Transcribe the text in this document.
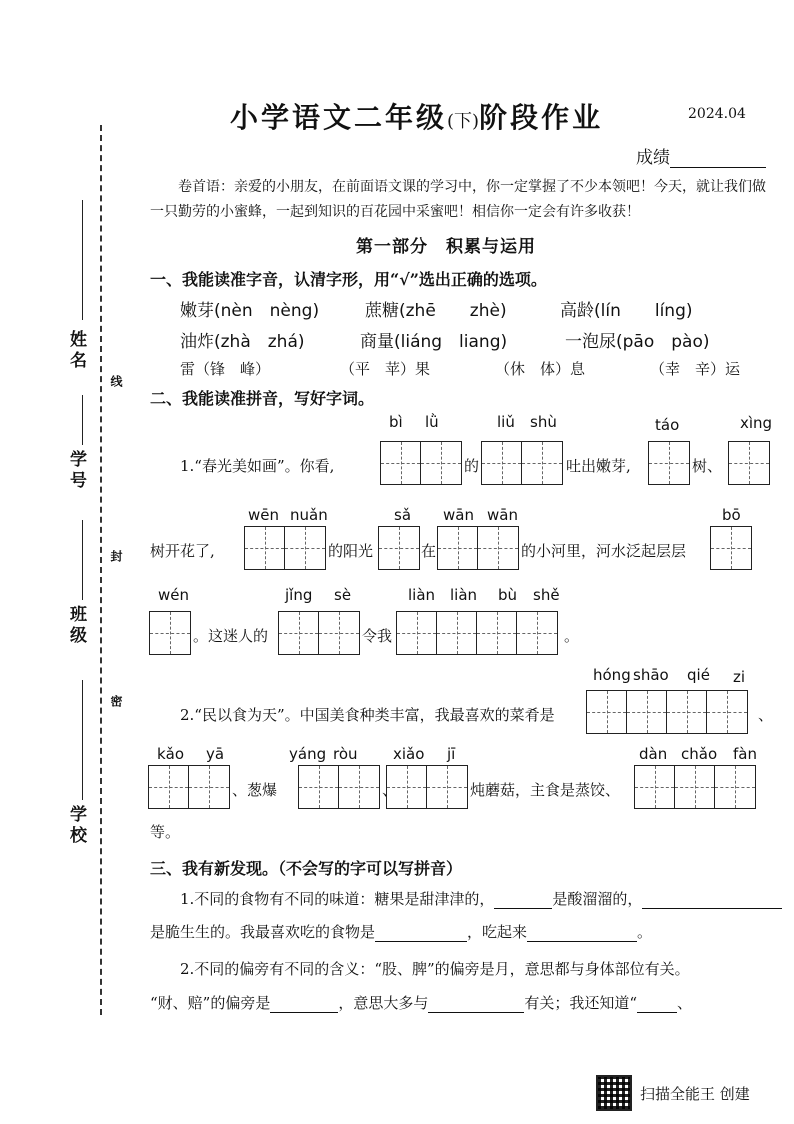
姓名
学号
班级
学校
线
封
密
小学语文二年级(下)阶段作业	2024.04
成绩
卷首语：亲爱的小朋友，在前面语文课的学习中，你一定掌握了不少本领吧！今天，就让我们做一只勤劳的小蜜蜂，一起到知识的百花园中采蜜吧！相信你一定会有许多收获！
第一部分　积累与运用
一、我能读准字音，认清字形，用“√”选出正确的选项。
嫩芽(nèn　nèng)	蔗糖(zhē　　zhè)	高龄(lín　　líng)
油炸(zhà　zhá)	商量(liáng　liang)	一泡尿(pāo　pào)
雷（锋　峰）	（平　苹）果	（休　体）息	（幸　辛）运
二、我能读准拼音，写好字词。
bì lǜ	liǔ shù	táo	xìng
1.“春光美如画”。你看,	的	吐出嫩芽,	树、
wēn nuǎn	sǎ wān wān	bō
树开花了,	的阳光	在	的小河里，河水泛起层层
wén	jǐng sè	liàn liàn bù shě
。这迷人的	令我	。
hóng shāo qié zi
2.“民以食为天”。中国美食种类丰富，我最喜欢的菜肴是	、
kǎo yā	yáng ròu xiǎo jī	dàn chǎo fàn
、葱爆	、	炖蘑菇，主食是蒸饺、
等。
三、我有新发现。（不会写的字可以写拼音）
1.不同的食物有不同的味道：糖果是甜津津的，	是酸溜溜的，
是脆生生的。我最喜欢吃的食物是	，吃起来	。
2.不同的偏旁有不同的含义：“股、脾”的偏旁是月，意思都与身体部位有关。
“财、赔”的偏旁是	，意思大多与	有关；我还知道“	、
扫描全能王 创建
